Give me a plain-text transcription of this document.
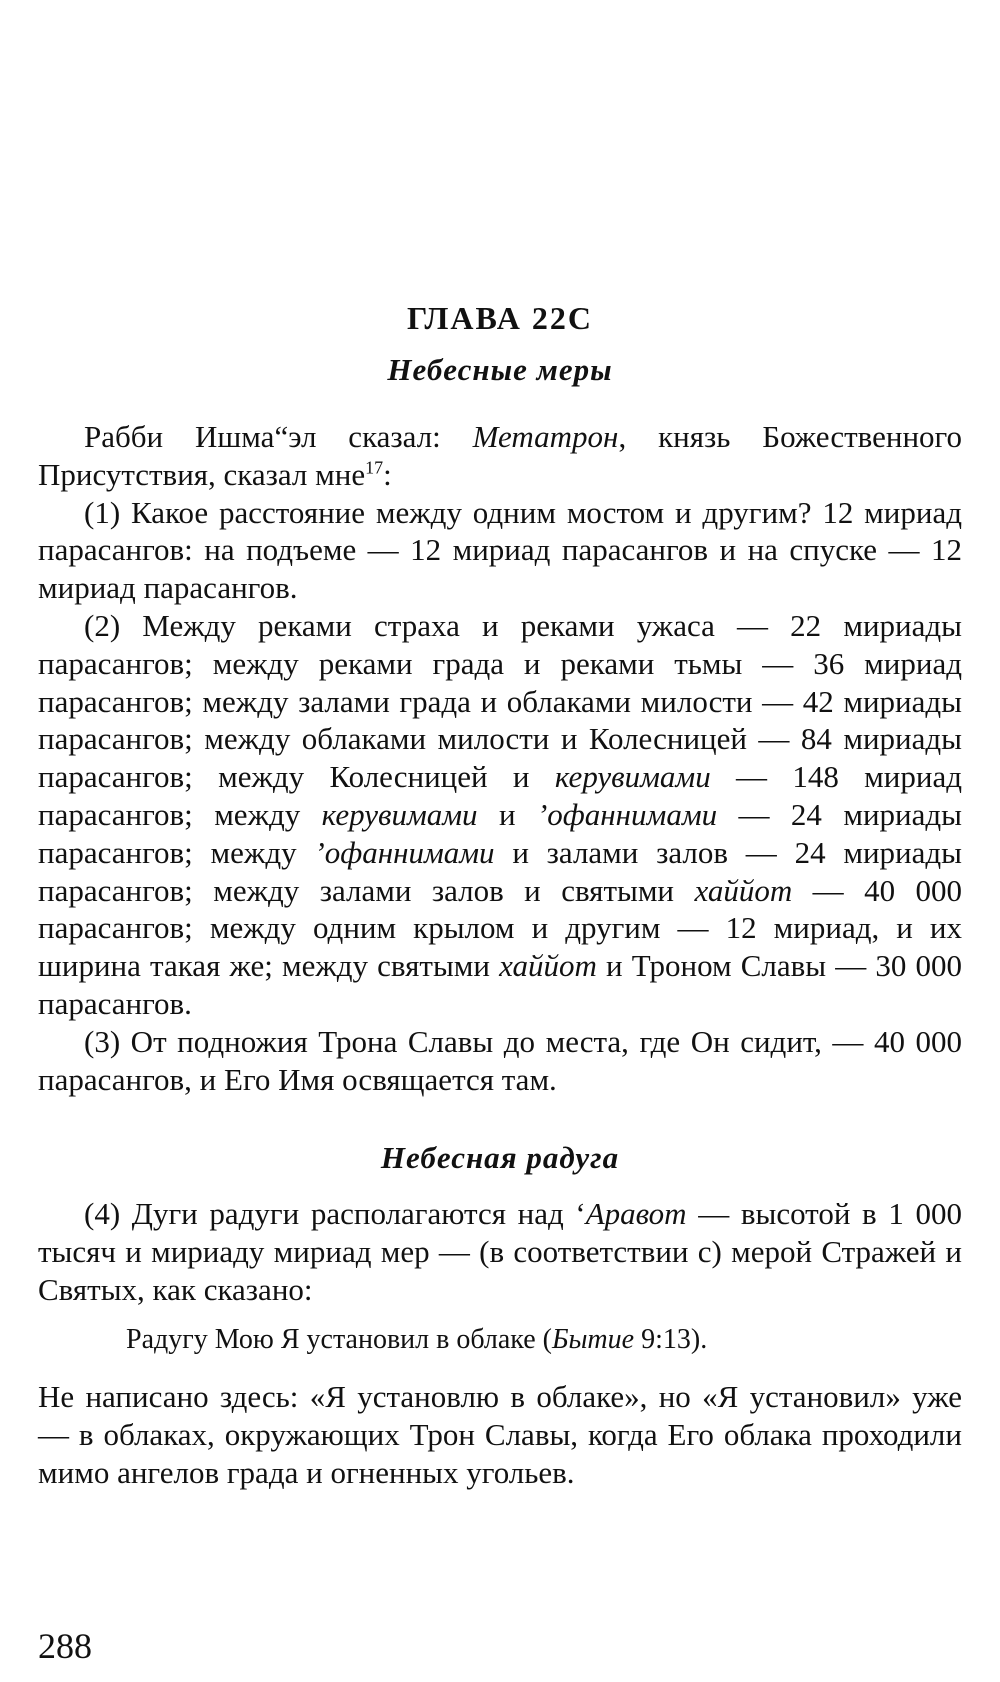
ГЛАВА 22С
Небесные меры

Рабби Ишма“эл сказал: Метатрон, князь Божественного Присутствия, сказал мне$^{17}$:

(1) Какое расстояние между одним мостом и другим? 12 мириад парасангов: на подъеме — 12 мириад парасангов и на спуске — 12 мириад парасангов.

(2) Между реками страха и реками ужаса — 22 мириады парасангов; между реками града и реками тьмы — 36 мириад парасангов; между залами града и облаками милости — 42 мириады парасангов; между облаками милости и Колесницей — 84 мириады парасангов; между Колесницей и керувимами — 148 мириад парасангов; между керувимами и ’офаннимами — 24 мириады парасангов; между ’офаннимами и залами залов — 24 мириады парасангов; между залами залов и святыми хаййот — 40 000 парасангов; между одним крылом и другим — 12 мириад, и их ширина такая же; между святыми хаййот и Троном Славы — 30 000 парасангов.

(3) От подножия Трона Славы до места, где Он сидит, — 40 000 парасангов, и Его Имя освящается там.

Небесная радуга

(4) Дуги радуги располагаются над ‘Аравот — высотой в 1 000 тысяч и мириаду мириад мер — (в соответствии с) мерой Стражей и Святых, как сказано:

Радугу Мою Я установил в облаке (Бытие 9:13).

Не написано здесь: «Я установлю в облаке», но «Я установил» уже — в облаках, окружающих Трон Славы, когда Его облака проходили мимо ангелов града и огненных угольев.

288
